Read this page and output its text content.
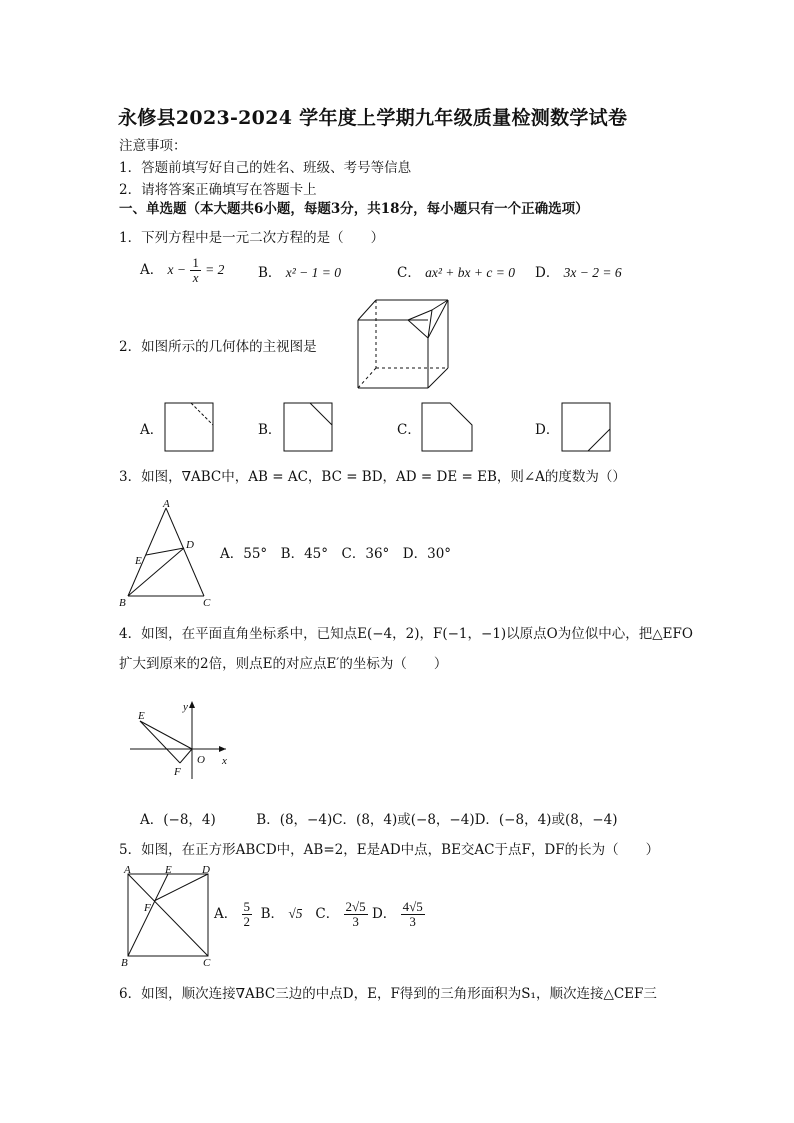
永修县2023-2024 学年度上学期九年级质量检测数学试卷
注意事项：
1．答题前填写好自己的姓名、班级、考号等信息
2．请将答案正确填写在答题卡上
一、单选题（本大题共6小题，每题3分，共18分，每小题只有一个正确选项）
1．下列方程中是一元二次方程的是（　　）
A． $x - \frac{1}{x} = 2$ B． x² − 1 = 0	C． ax² + bx + c = 0 D． 3x − 2 = 6
2．如图所示的几何体的主视图是
A．	B．	C．	D．
3．如图，∇ABC中，AB = AC，BC = BD，AD = DE = EB，则∠A的度数为（）
A
B	C
D
E	A．55°　B．45°　C．36°　D．30°
4．如图，在平面直角坐标系中，已知点E(−4，2)，F(−1，−1)以原点O为位似中心，把△EFO
扩大到原来的2倍，则点E的对应点E′的坐标为（　　）
E
F
O x
y
A．(−8，4)　　　B．(8，−4)C．(8，4)或(−8，−4)D．(−8，4)或(8，−4)
5．如图，在正方形ABCD中，AB=2，E是AD中点，BE交AC于点F，DF的长为（　　）
A	E	D
F
B	C
A． $\frac{5}{2}$ B． √5 C． $\frac{2√5}{3}$ D． $\frac{4√5}{3}$
6．如图，顺次连接∇ABC三边的中点D，E，F得到的三角形面积为S₁，顺次连接△CEF三
